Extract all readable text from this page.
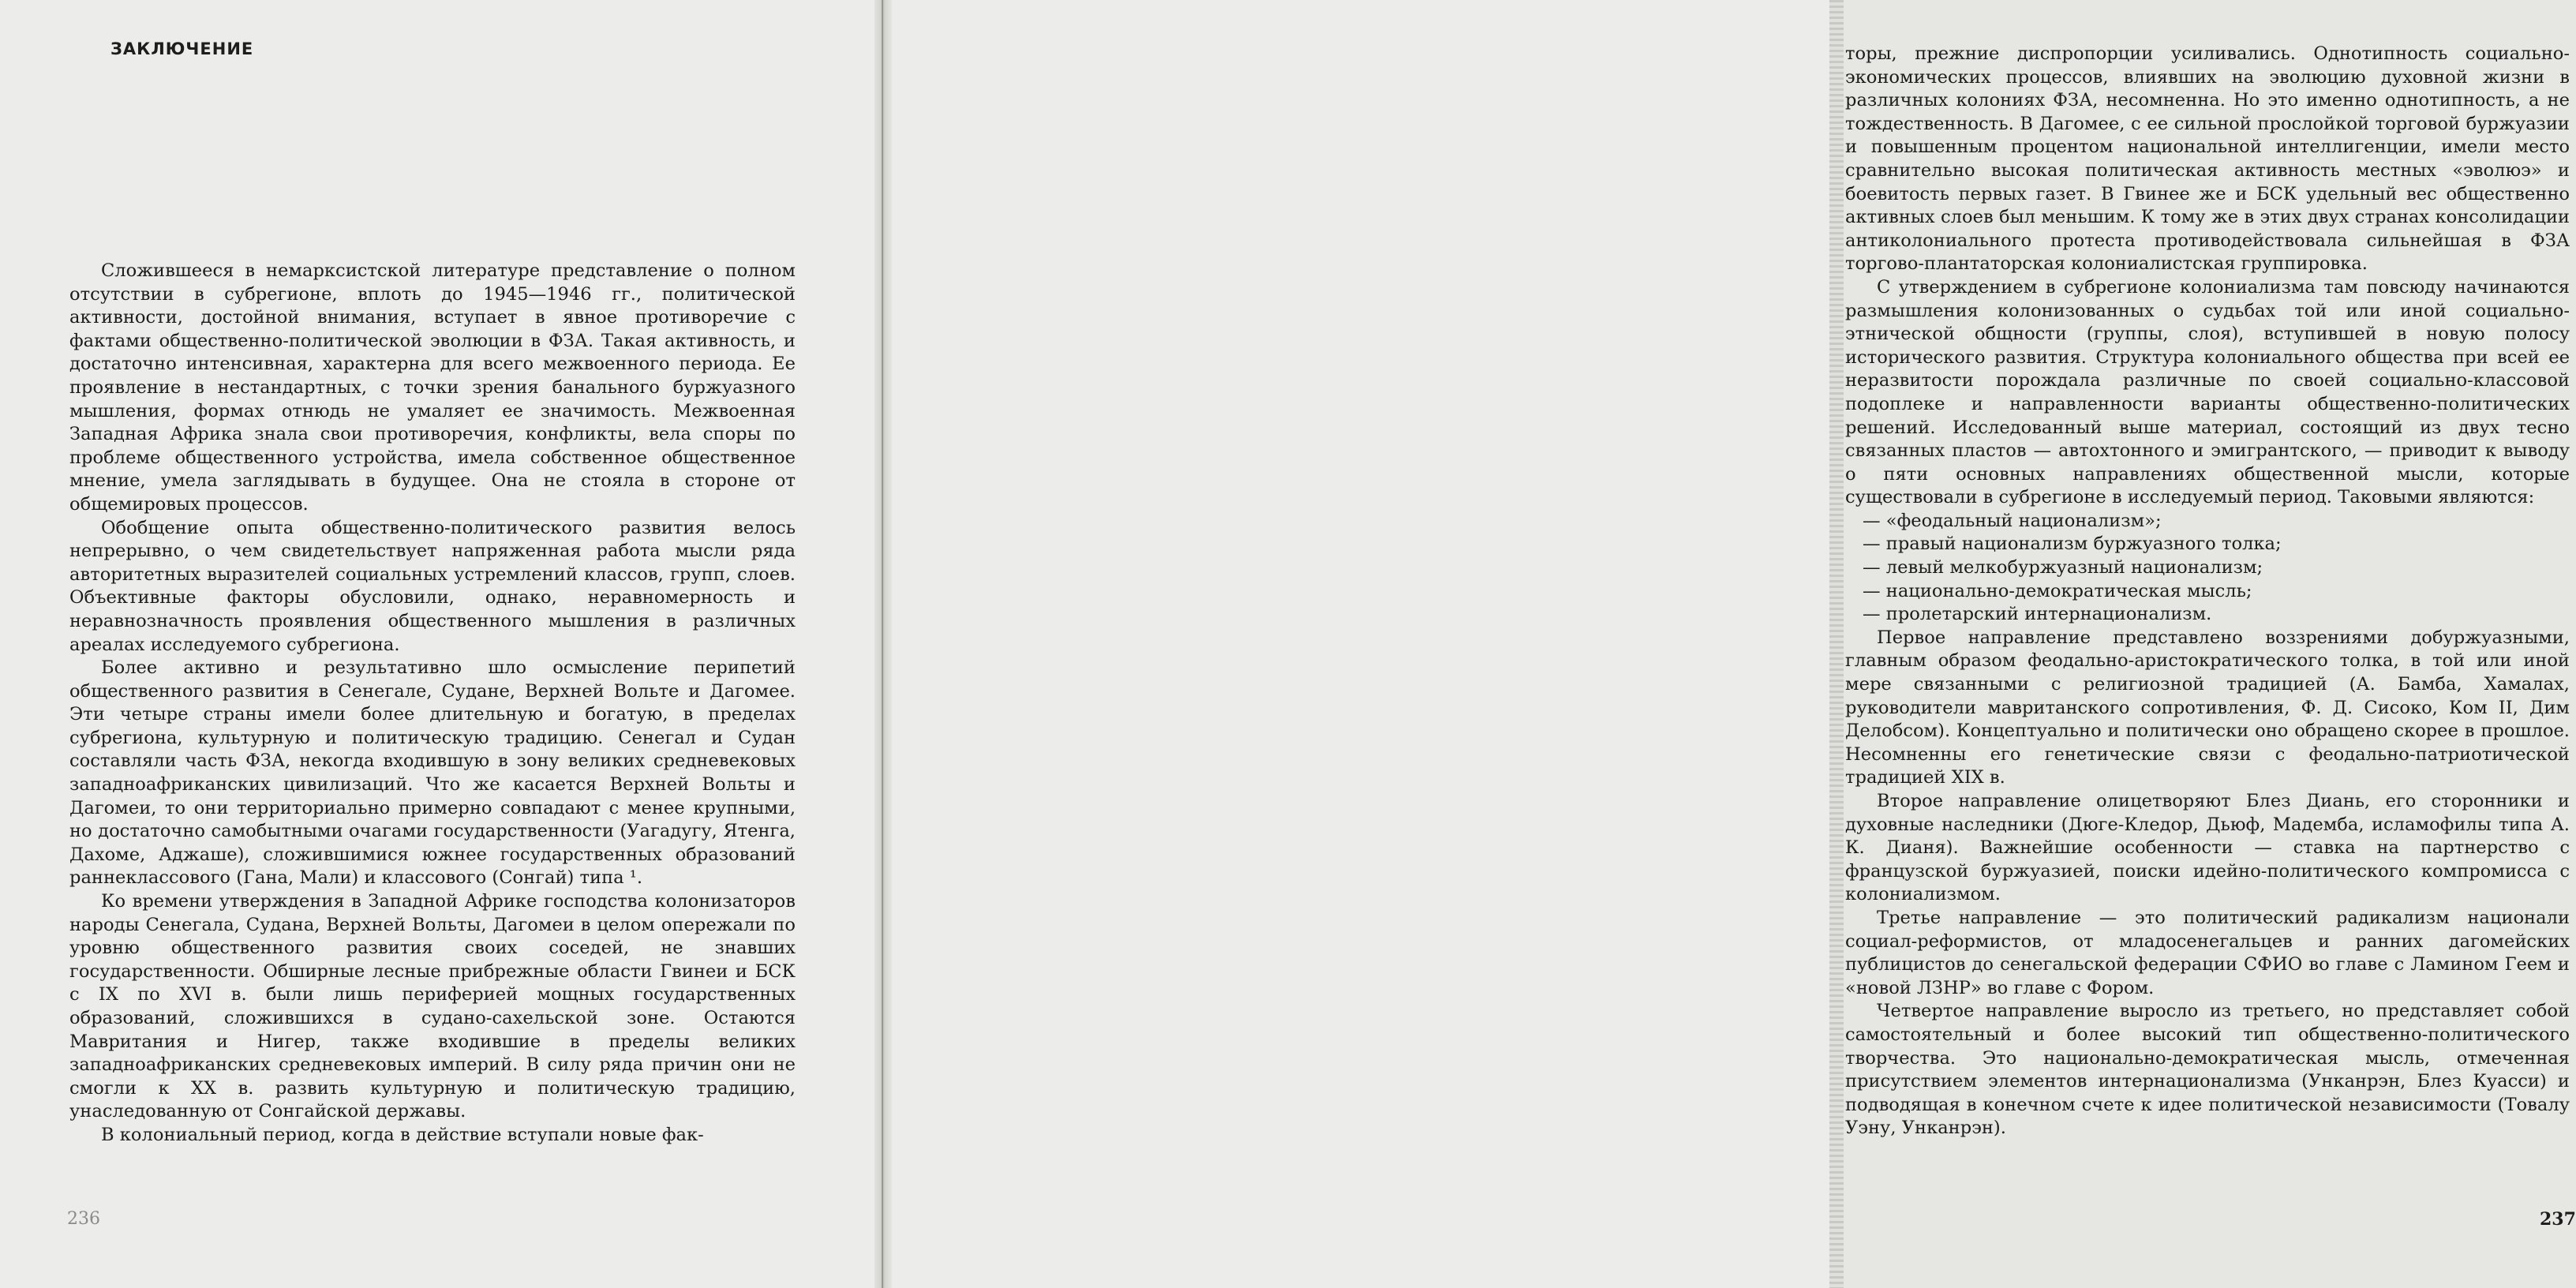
ЗАКЛЮЧЕНИЕ

Сложившееся в немарксистской литературе представление о полном отсутствии в субрегионе, вплоть до 1945—1946 гг., политической активности, достойной внимания, вступает в явное противоречие с фактами общественно-политической эволюции в ФЗА. Такая активность, и достаточно интенсивная, характерна для всего межвоенного периода. Ее проявление в нестандартных, с точки зрения банального буржуазного мышления, формах отнюдь не умаляет ее значимость. Межвоенная Западная Африка знала свои противоречия, конфликты, вела споры по проблеме общественного устройства, имела собственное общественное мнение, умела заглядывать в будущее. Она не стояла в стороне от общемировых процессов.

Обобщение опыта общественно-политического развития велось непрерывно, о чем свидетельствует напряженная работа мысли ряда авторитетных выразителей социальных устремлений классов, групп, слоев. Объективные факторы обусловили, однако, неравномерность и неравнозначность проявления общественного мышления в различных ареалах исследуемого субрегиона.

Более активно и результативно шло осмысление перипетий общественного развития в Сенегале, Судане, Верхней Вольте и Дагомее. Эти четыре страны имели более длительную и богатую, в пределах субрегиона, культурную и политическую традицию. Сенегал и Судан составляли часть ФЗА, некогда входившую в зону великих средневековых западноафриканских цивилизаций. Что же касается Верхней Вольты и Дагомеи, то они территориально примерно совпадают с менее крупными, но достаточно самобытными очагами государственности (Уагадугу, Ятенга, Дахоме, Аджаше), сложившимися южнее государственных образований раннеклассового (Гана, Мали) и классового (Сонгай) типа ¹.

Ко времени утверждения в Западной Африке господства колонизаторов народы Сенегала, Судана, Верхней Вольты, Дагомеи в целом опережали по уровню общественного развития своих соседей, не знавших государственности. Обширные лесные прибрежные области Гвинеи и БСК с IX по XVI в. были лишь периферией мощных государственных образований, сложившихся в судано-сахельской зоне. Остаются Мавритания и Нигер, также входившие в пределы великих западноафриканских средневековых империй. В силу ряда причин они не смогли к XX в. развить культурную и политическую традицию, унаследованную от Сонгайской державы.

В колониальный период, когда в действие вступали новые фак-

236

торы, прежние диспропорции усиливались. Однотипность социально-экономических процессов, влиявших на эволюцию духовной жизни в различных колониях ФЗА, несомненна. Но это именно однотипность, а не тождественность. В Дагомее, с ее сильной прослойкой торговой буржуазии и повышенным процентом национальной интеллигенции, имели место сравнительно высокая политическая активность местных «эволюэ» и боевитость первых газет. В Гвинее же и БСК удельный вес общественно активных слоев был меньшим. К тому же в этих двух странах консолидации антиколониального протеста противодействовала сильнейшая в ФЗА торгово-плантаторская колониалистская группировка.

С утверждением в субрегионе колониализма там повсюду начинаются размышления колонизованных о судьбах той или иной социально-этнической общности (группы, слоя), вступившей в новую полосу исторического развития. Структура колониального общества при всей ее неразвитости порождала различные по своей социально-классовой подоплеке и направленности варианты общественно-политических решений. Исследованный выше материал, состоящий из двух тесно связанных пластов — автохтонного и эмигрантского, — приводит к выводу о пяти основных направлениях общественной мысли, которые существовали в субрегионе в исследуемый период. Таковыми являются:

— «феодальный национализм»;
— правый национализм буржуазного толка;
— левый мелкобуржуазный национализм;
— национально-демократическая мысль;
— пролетарский интернационализм.

Первое направление представлено воззрениями добуржуазными, главным образом феодально-аристократического толка, в той или иной мере связанными с религиозной традицией (А. Бамба, Хамалах, руководители мавританского сопротивления, Ф. Д. Сисоко, Ком II, Дим Делобсом). Концептуально и политически оно обращено скорее в прошлое. Несомненны его генетические связи с феодально-патриотической традицией XIX в.

Второе направление олицетворяют Блез Диань, его сторонники и духовные наследники (Дюге-Кледор, Дьюф, Мадемба, исламофилы типа А. К. Дианя). Важнейшие особенности — ставка на партнерство с французской буржуазией, поиски идейно-политического компромисса с колониализмом.

Третье направление — это политический радикализм национали социал-реформистов, от младосенегальцев и ранних дагомейских публицистов до сенегальской федерации СФИО во главе с Ламином Геем и «новой ЛЗНР» во главе с Фором.

Четвертое направление выросло из третьего, но представляет собой самостоятельный и более высокий тип общественно-политического творчества. Это национально-демократическая мысль, отмеченная присутствием элементов интернационализма (Унканрэн, Блез Куасси) и подводящая в конечном счете к идее политической независимости (Товалу Уэну, Унканрэн).

237
